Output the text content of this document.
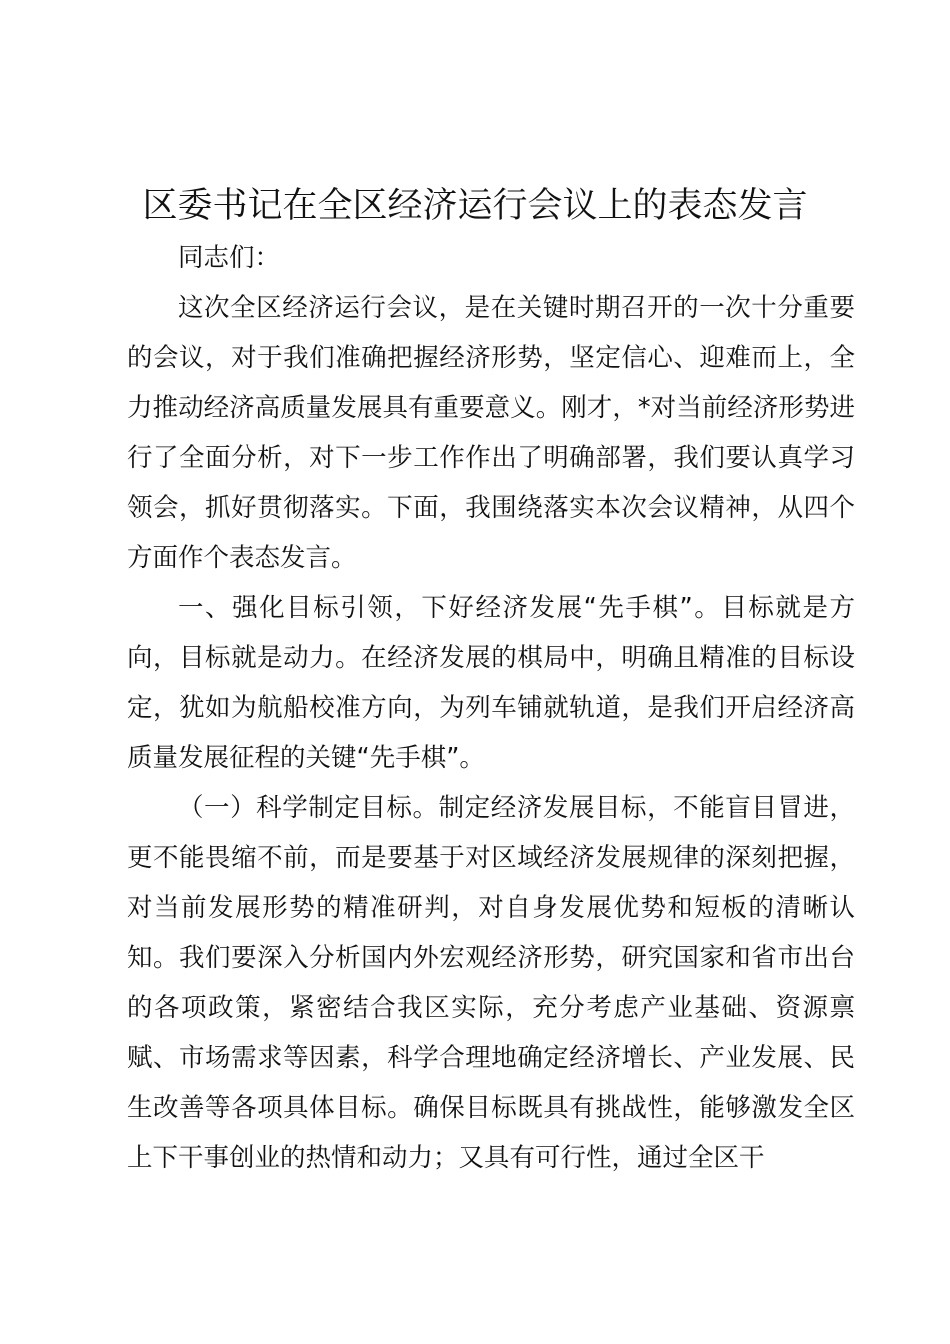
区委书记在全区经济运行会议上的表态发言

同志们：

这次全区经济运行会议，是在关键时期召开的一次十分重要的会议，对于我们准确把握经济形势，坚定信心、迎难而上，全力推动经济高质量发展具有重要意义。刚才，*对当前经济形势进行了全面分析，对下一步工作作出了明确部署，我们要认真学习领会，抓好贯彻落实。下面，我围绕落实本次会议精神，从四个方面作个表态发言。

一、强化目标引领，下好经济发展“先手棋”。目标就是方向，目标就是动力。在经济发展的棋局中，明确且精准的目标设定，犹如为航船校准方向，为列车铺就轨道，是我们开启经济高质量发展征程的关键“先手棋”。

（一）科学制定目标。制定经济发展目标，不能盲目冒进，更不能畏缩不前，而是要基于对区域经济发展规律的深刻把握，对当前发展形势的精准研判，对自身发展优势和短板的清晰认知。我们要深入分析国内外宏观经济形势，研究国家和省市出台的各项政策，紧密结合我区实际，充分考虑产业基础、资源禀赋、市场需求等因素，科学合理地确定经济增长、产业发展、民生改善等各项具体目标。确保目标既具有挑战性，能够激发全区上下干事创业的热情和动力；又具有可行性，通过全区干
